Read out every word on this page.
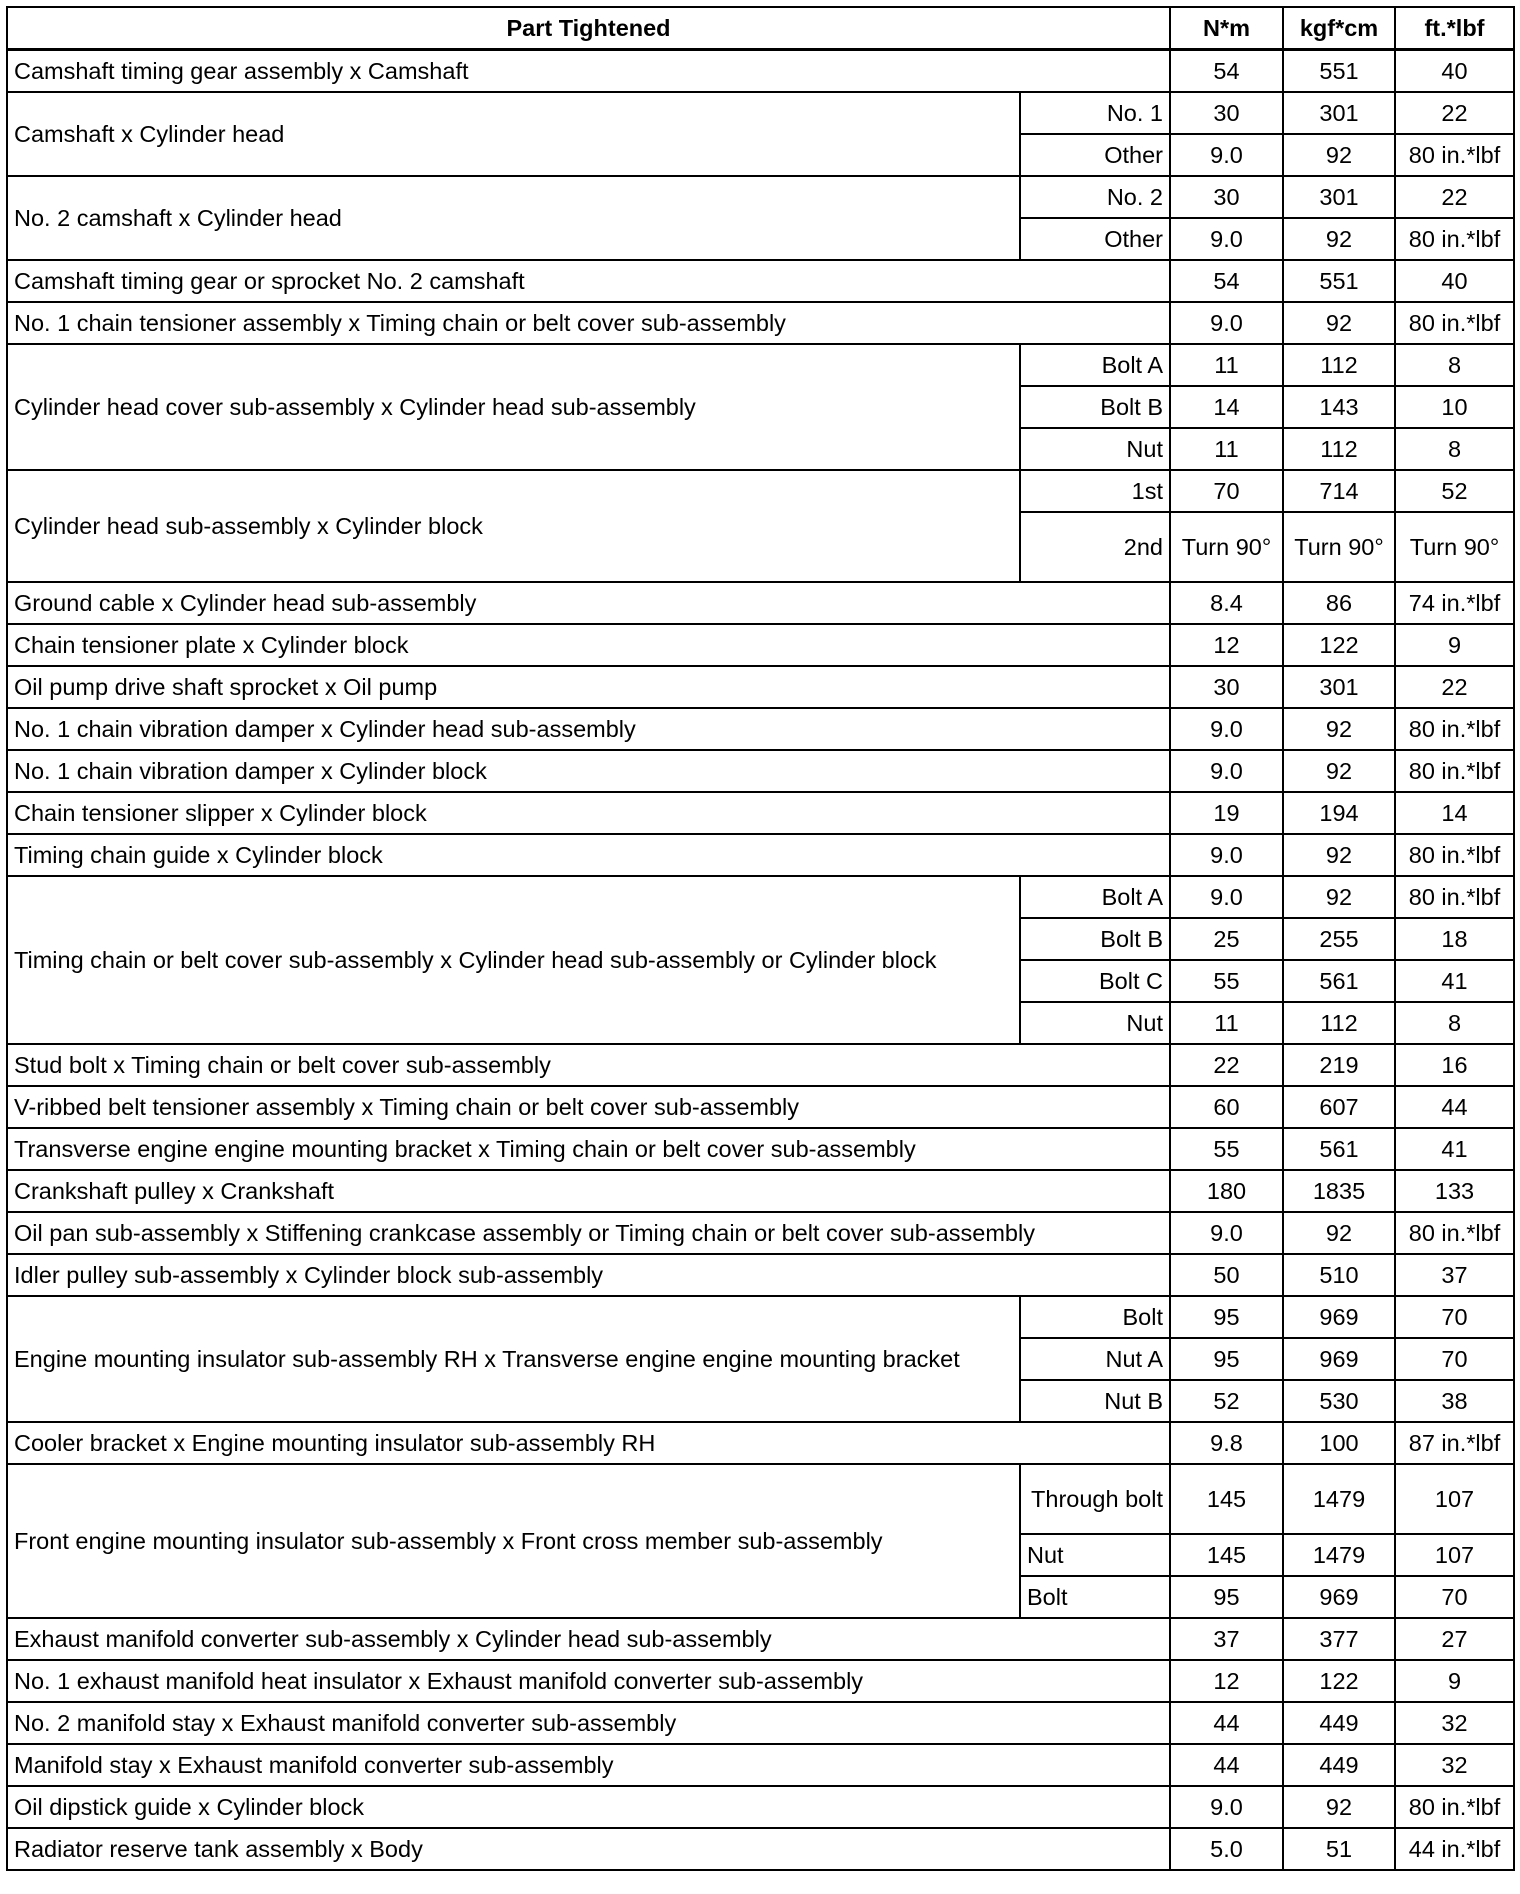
Part Tightened		N*m	kgf*cm	ft.*lbf
Camshaft timing gear assembly x Camshaft		54	551	40
Camshaft x Cylinder head	No. 1	30	301	22
	Other	9.0	92	80 in.*lbf
No. 2 camshaft x Cylinder head	No. 2	30	301	22
	Other	9.0	92	80 in.*lbf
Camshaft timing gear or sprocket No. 2 camshaft		54	551	40
No. 1 chain tensioner assembly x Timing chain or belt cover sub-assembly		9.0	92	80 in.*lbf
Cylinder head cover sub-assembly x Cylinder head sub-assembly	Bolt A	11	112	8
	Bolt B	14	143	10
	Nut	11	112	8
Cylinder head sub-assembly x Cylinder block	1st	70	714	52
	2nd	Turn 90°	Turn 90°	Turn 90°
Ground cable x Cylinder head sub-assembly		8.4	86	74 in.*lbf
Chain tensioner plate x Cylinder block		12	122	9
Oil pump drive shaft sprocket x Oil pump		30	301	22
No. 1 chain vibration damper x Cylinder head sub-assembly		9.0	92	80 in.*lbf
No. 1 chain vibration damper x Cylinder block		9.0	92	80 in.*lbf
Chain tensioner slipper x Cylinder block		19	194	14
Timing chain guide x Cylinder block		9.0	92	80 in.*lbf
Timing chain or belt cover sub-assembly x Cylinder head sub-assembly or Cylinder block	Bolt A	9.0	92	80 in.*lbf
	Bolt B	25	255	18
	Bolt C	55	561	41
	Nut	11	112	8
Stud bolt x Timing chain or belt cover sub-assembly		22	219	16
V-ribbed belt tensioner assembly x Timing chain or belt cover sub-assembly		60	607	44
Transverse engine engine mounting bracket x Timing chain or belt cover sub-assembly		55	561	41
Crankshaft pulley x Crankshaft		180	1835	133
Oil pan sub-assembly x Stiffening crankcase assembly or Timing chain or belt cover sub-assembly		9.0	92	80 in.*lbf
Idler pulley sub-assembly x Cylinder block sub-assembly		50	510	37
Engine mounting insulator sub-assembly RH x Transverse engine engine mounting bracket	Bolt	95	969	70
	Nut A	95	969	70
	Nut B	52	530	38
Cooler bracket x Engine mounting insulator sub-assembly RH		9.8	100	87 in.*lbf
Front engine mounting insulator sub-assembly x Front cross member sub-assembly	Through bolt	145	1479	107
	Nut	145	1479	107
	Bolt	95	969	70
Exhaust manifold converter sub-assembly x Cylinder head sub-assembly		37	377	27
No. 1 exhaust manifold heat insulator x Exhaust manifold converter sub-assembly		12	122	9
No. 2 manifold stay x Exhaust manifold converter sub-assembly		44	449	32
Manifold stay x Exhaust manifold converter sub-assembly		44	449	32
Oil dipstick guide x Cylinder block		9.0	92	80 in.*lbf
Radiator reserve tank assembly x Body		5.0	51	44 in.*lbf
